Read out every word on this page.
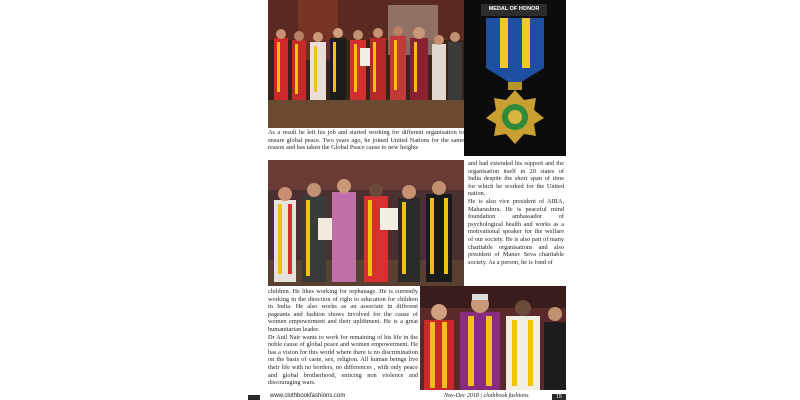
MEDAL OF HONOR

As a result he left his job and started working for different organisation to ensure global peace. Two years ago, he joined United Nations for the same reason and has taken the Global Peace cause to new heights

and had extended his support and the organisation itself in 20 states of India despite the short span of time for which he worked for the United nation.

He is also vice president of AIRA, Maharashtra. He is peaceful mind foundation ambassador of psychological health and works as a motivational speaker for the welfare of our society. He is also part of many charitable organisations and also president of Manav Seva charitable society. As a person, he is fond of

children. He likes working for orphanage. He is currently working in the direction of right to education for children in India. He also works as an associate in different pageants and fashion shows involved for the cause of women empowerment and their upliftment. He is a great humanitarian leader.

Dr Anil Nair wants to work for remaining of his life in the noble cause of global peace and women empowerment. He has a vision for this world where there is no discrimination on the basis of caste, sex, religion. All human beings live their life with no borders, no differences , with only peace and global brotherhood, enticing non violence and discouraging wars.

www.clothbookfashions.com	Nov-Dec 2018 | clothbook fashions	15
